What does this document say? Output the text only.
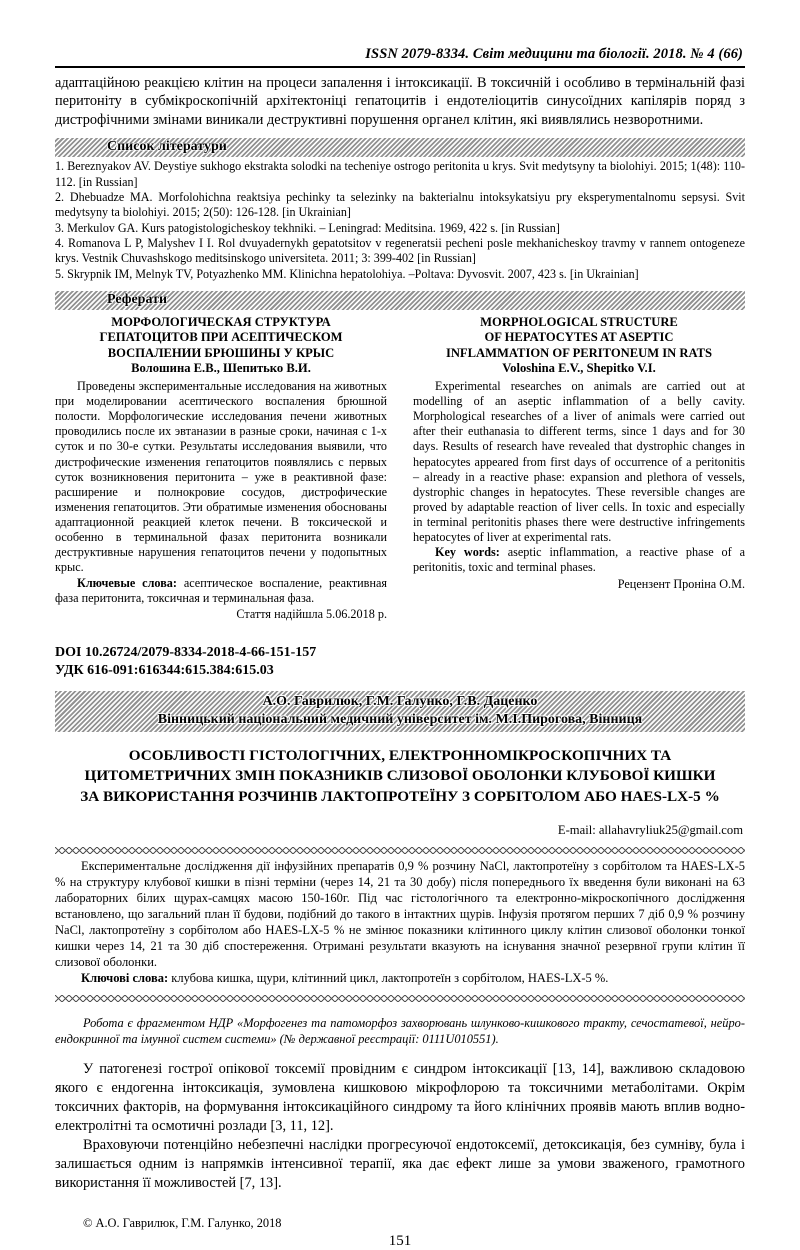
ISSN 2079-8334. Світ медицини та біології. 2018. № 4 (66)

адаптаційною реакцією клітин на процеси запалення і інтоксикації. В токсичній і особливо в термінальній фазі перитоніту в субмікроскопічній архітектоніці гепатоцитів і ендотеліоцитів синусоїдних капілярів поряд з дистрофічними змінами виникали деструктивні порушення органел клітин, які виявлялись незворотними.

Список літератури
1. Bereznyakov AV. Deystiye sukhogo ekstrakta solodki na techeniye ostrogo peritonita u krys. Svit medytsyny ta biolohiyi. 2015; 1(48): 110-112. [in Russian]
2. Dhebuadze MA. Morfolohichna reaktsiya pechinky ta selezinky na bakterialnu intoksykatsiyu pry eksperymentalnomu sepsysi. Svit medytsyny ta biolohiyi. 2015; 2(50): 126-128. [in Ukrainian]
3. Merkulov GA. Kurs patogistologicheskoy tekhniki. – Leningrad: Meditsina. 1969, 422 s. [in Russian]
4. Romanova L P, Malyshev I I. Rol dvuyadernykh gepatotsitov v regeneratsii pecheni posle mekhanicheskoy travmy v rannem ontogeneze krys. Vestnik Chuvashskogo meditsinskogo universiteta. 2011; 3: 399-402 [in Russian]
5. Skrypnik IM, Melnyk TV, Potyazhenko MM. Klinichna hepatolohiya. –Poltava: Dyvosvit. 2007, 423 s. [in Ukrainian]
Реферати
МОРФОЛОГИЧЕСКАЯ СТРУКТУРА
ГЕПАТОЦИТОВ ПРИ АСЕПТИЧЕСКОМ
ВОСПАЛЕНИИ БРЮШИНЫ У КРЫС
Волошина Е.В., Шепитько В.И.
Проведены экспериментальные исследования на животных при моделировании асептического воспаления брюшной полости. Морфологические исследования печени животных проводились после их эвтаназии в разные сроки, начиная с 1-х суток и по 30-е сутки. Результаты исследования выявили, что дистрофические изменения гепатоцитов появлялись с первых суток возникновения перитонита – уже в реактивной фазе: расширение и полнокровие сосудов, дистрофические изменения гепатоцитов. Эти обратимые изменения обоснованы адаптационной реакцией клеток печени. В токсической и особенно в терминальной фазах перитонита возникали деструктивные нарушения гепатоцитов печени у подопытных крыс.
Ключевые слова: асептическое воспаление, реактивная фаза перитонита, токсичная и терминальная фаза.
Стаття надійшла 5.06.2018 р.
MORPHOLOGICAL STRUCTURE
OF HEPATOCYTES AT ASEPTIC
INFLAMMATION OF PERITONEUM IN RATS
Voloshina E.V., Shepitko V.I.
Experimental researches on animals are carried out at modelling of an aseptic inflammation of a belly cavity. Morphological researches of a liver of animals were carried out after their euthanasia to different terms, since 1 days and for 30 days. Results of research have revealed that dystrophic changes in hepatocytes appeared from first days of occurrence of a peritonitis – already in a reactive phase: expansion and plethora of vessels, dystrophic changes in hepatocytes. These reversible changes are proved by adaptable reaction of liver cells. In toxic and especially in terminal peritonitis phases there were destructive infringements hepatocytes of liver at experimental rats.
Key words: aseptic inflammation, a reactive phase of a peritonitis, toxic and terminal phases.
Рецензент Проніна О.М.
DOI 10.26724/2079-8334-2018-4-66-151-157
УДК 616-091:616344:615.384:615.03
А.О. Гаврилюк, Г.М. Галунко, Г.В. Даценко
Вінницький національний медичний університет ім. М.І.Пирогова, Вінниця
ОСОБЛИВОСТІ ГІСТОЛОГІЧНИХ, ЕЛЕКТРОННОМІКРОСКОПІЧНИХ ТА
ЦИТОМЕТРИЧНИХ ЗМІН ПОКАЗНИКІВ СЛИЗОВОЇ ОБОЛОНКИ КЛУБОВОЇ КИШКИ
ЗА ВИКОРИСТАННЯ РОЗЧИНІВ ЛАКТОПРОТЕЇНУ З СОРБІТОЛОМ АБО HAES-LX-5 %
E-mail: allahavryliuk25@gmail.com
Експериментальне дослідження дії інфузійних препаратів 0,9 % розчину NaCl, лактопротеїну з сорбітолом та HAES-LX-5 % на структуру клубової кишки в пізні терміни (через 14, 21 та 30 добу) після попереднього їх введення були виконані на 63 лабораторних білих щурах-самцях масою 150-160г. Під час гістологічного та електронно-мікроскопічного дослідження встановлено, що загальний план її будови, подібний до такого в інтактних щурів. Інфузія протягом перших 7 діб 0,9 % розчину NaCl, лактопротеїну з сорбітолом або HAES-LX-5 % не змінює показники клітинного циклу клітин слизової оболонки тонкої кишки через 14, 21 та 30 діб спостереження. Отримані результати вказують на існування значної резервної групи клітин її слизової оболонки.
Ключові слова: клубова кишка, щури, клітинний цикл, лактопротеїн з сорбітолом, HAES-LX-5 %.
Робота є фрагментом НДР «Морфогенез та патоморфоз захворювань шлунково-кишкового тракту, сечостатевої, нейро-ендокринної та імунної систем системи» (№ державної реєстрації: 0111U010551).
У патогенезі гострої опікової токсемії провідним є синдром інтоксикації [13, 14], важливою складовою якого є ендогенна інтоксикація, зумовлена кишковою мікрофлорою та токсичними метаболітами. Окрім токсичних факторів, на формування інтоксикаційного синдрому та його клінічних проявів мають вплив водно-електролітні та осмотичні розлади [3, 11, 12].
Враховуючи потенційно небезпечні наслідки прогресуючої ендотоксемії, детоксикація, без сумніву, була і залишається одним із напрямків інтенсивної терапії, яка дає ефект лише за умови зваженого, грамотного використання її можливостей [7, 13].
© А.О. Гаврилюк, Г.М. Галунко, 2018
151
